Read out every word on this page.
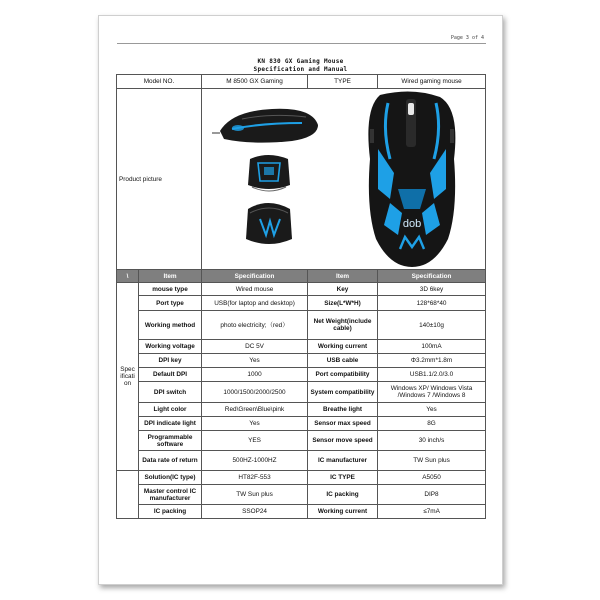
Page 3 of 4
KN 830 GX Gaming Mouse
Specification and Manual
Model NO.		M 8500 GX Gaming	TYPE	Wired gaming mouse
Product picture		dob		

\	Item	Specification	Item	Specification
Spec ificati on	mouse type	Wired mouse	Key	3D 6key
	Port type	USB(for laptop and desktop)	Size(L*W*H)	128*68*40
	Working method	photo electricity;（red）	Net Weight(include cable)	140±10g
	Working voltage	DC 5V	Working current	100mA
	DPI key	Yes	USB cable	Φ3.2mm*1.8m
	Default DPI	1000	Port compatibility	USB1.1/2.0/3.0
	DPI switch	1000/1500/2000/2500	System compatibility	Windows XP/ Windows Vista /Windows 7 /Windows 8
	Light color	Red\Green\Blue\pink	Breathe light	Yes
	DPI indicate light	Yes	Sensor max speed	8G
	Programmable software	YES	Sensor move speed	30 inch/s
	Data rate of return	500HZ-1000HZ	IC manufacturer	TW Sun plus
	Solution(IC type)	HT82F-553	IC TYPE	A5050
	Master control IC manufacturer	TW Sun plus	IC packing	DIP8
	IC packing	SSOP24	Working current	≤7mA
